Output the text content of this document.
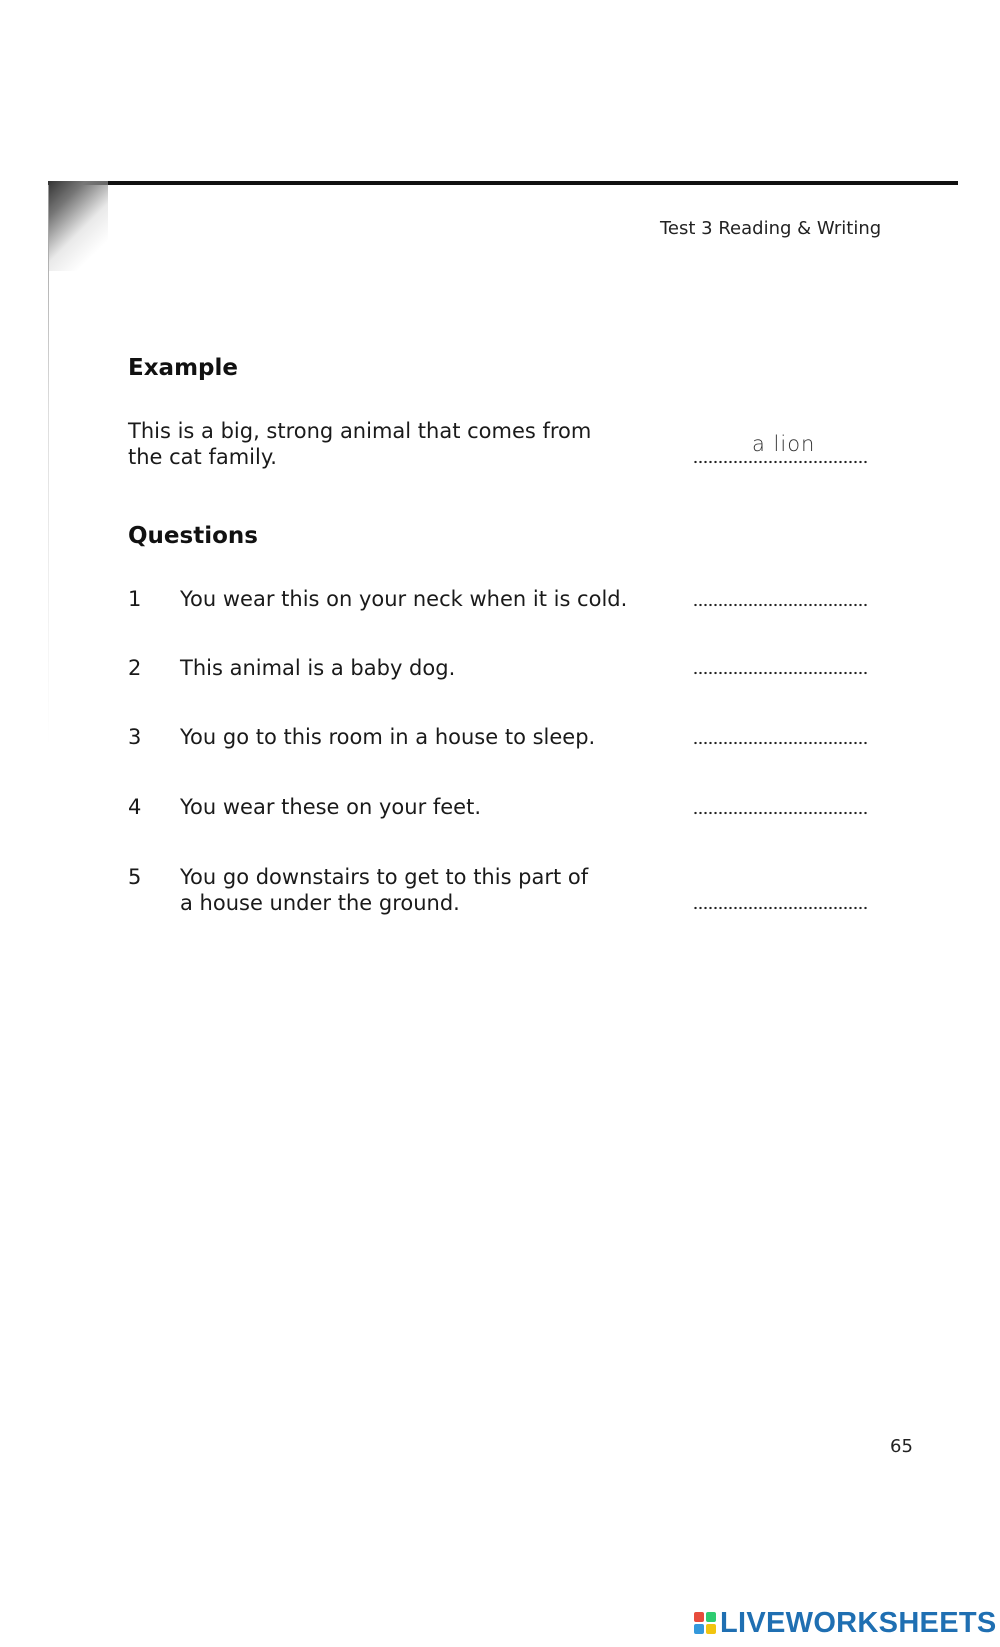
Test 3 Reading & Writing
Example
This is a big, strong animal that comes from
the cat family.
a lion
Questions
1 You wear this on your neck when it is cold.
2 This animal is a baby dog.
3 You go to this room in a house to sleep.
4 You wear these on your feet.
5 You go downstairs to get to this part of
a house under the ground.
65
LIVEWORKSHEETS
